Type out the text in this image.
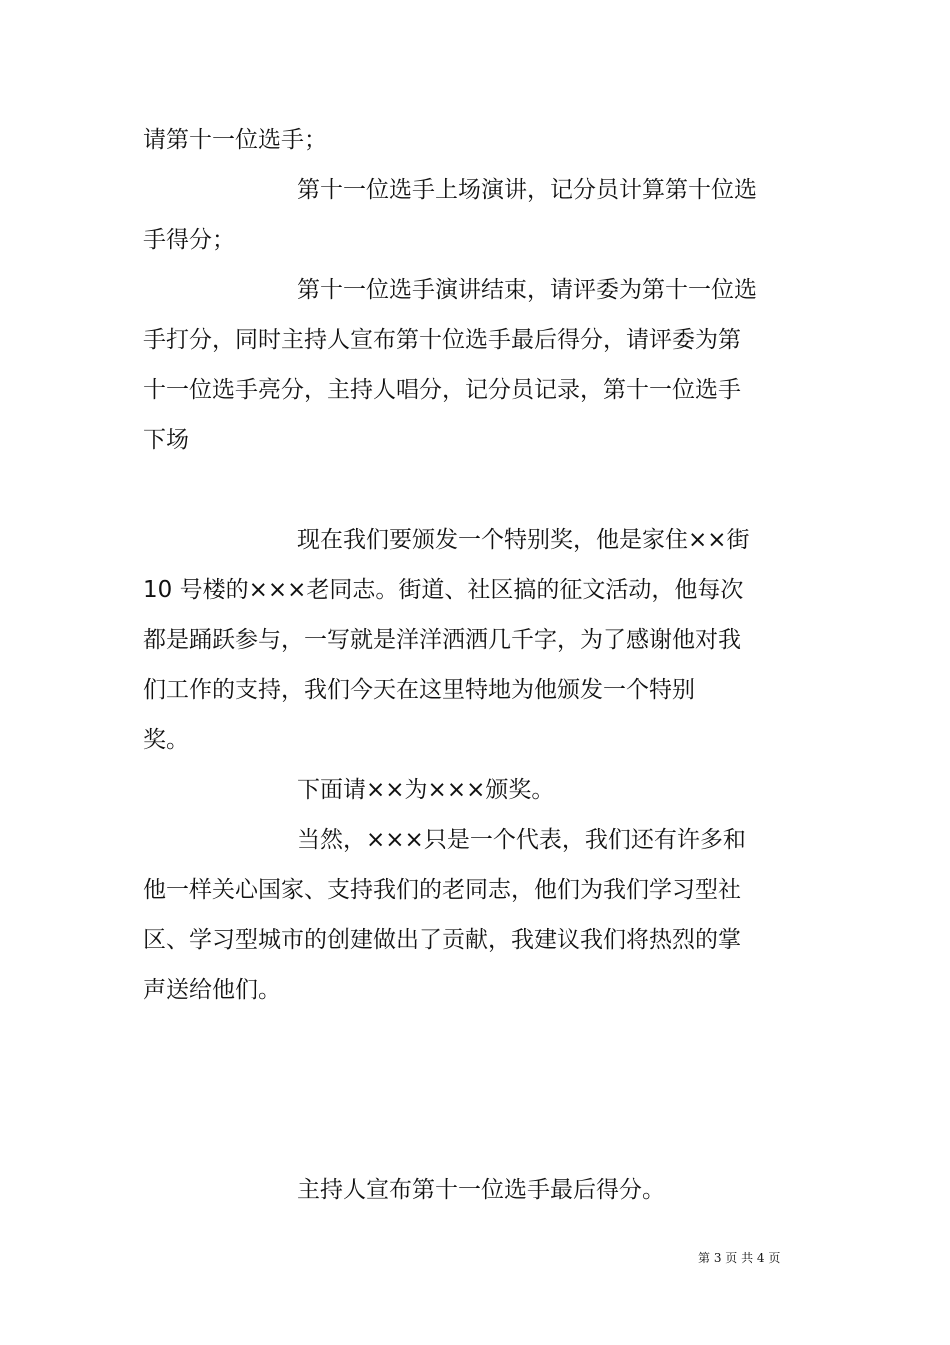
请第十一位选手；
第十一位选手上场演讲，记分员计算第十位选
手得分；
第十一位选手演讲结束，请评委为第十一位选
手打分，同时主持人宣布第十位选手最后得分，请评委为第
十一位选手亮分，主持人唱分，记分员记录，第十一位选手
下场
现在我们要颁发一个特别奖，他是家住××街
10 号楼的×××老同志。街道、社区搞的征文活动，他每次
都是踊跃参与，一写就是洋洋洒洒几千字，为了感谢他对我
们工作的支持，我们今天在这里特地为他颁发一个特别
奖。
下面请××为×××颁奖。
当然，×××只是一个代表，我们还有许多和
他一样关心国家、支持我们的老同志，他们为我们学习型社
区、学习型城市的创建做出了贡献，我建议我们将热烈的掌
声送给他们。
主持人宣布第十一位选手最后得分。
第 3 页 共 4 页
